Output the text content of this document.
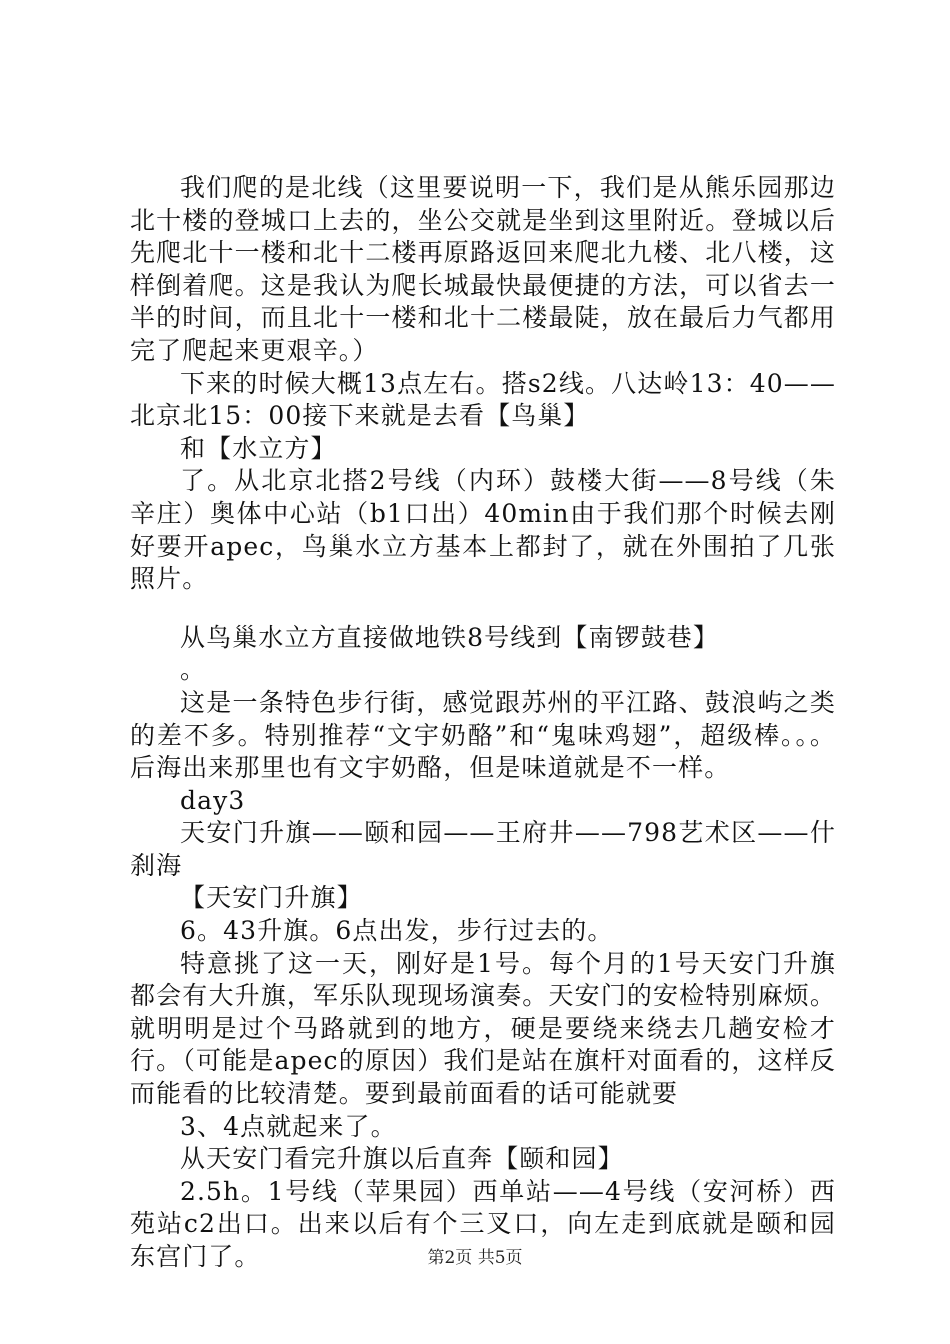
我们爬的是北线（这里要说明一下，我们是从熊乐园那边北十楼的登城口上去的，坐公交就是坐到这里附近。登城以后先爬北十一楼和北十二楼再原路返回来爬北九楼、北八楼，这样倒着爬。这是我认为爬长城最快最便捷的方法，可以省去一半的时间，而且北十一楼和北十二楼最陡，放在最后力气都用完了爬起来更艰辛。）

下来的时候大概13点左右。搭s2线。八达岭13：40——北京北15：00接下来就是去看【鸟巢】

和【水立方】

了。从北京北搭2号线（内环）鼓楼大街——8号线（朱辛庄）奥体中心站（b1口出）40min由于我们那个时候去刚好要开apec，鸟巢水立方基本上都封了，就在外围拍了几张照片。

从鸟巢水立方直接做地铁8号线到【南锣鼓巷】

。

这是一条特色步行街，感觉跟苏州的平江路、鼓浪屿之类的差不多。特别推荐“文宇奶酪”和“鬼味鸡翅”，超级棒。。。后海出来那里也有文宇奶酪，但是味道就是不一样。

day3

天安门升旗——颐和园——王府井——798艺术区——什刹海

【天安门升旗】

6。43升旗。6点出发，步行过去的。

特意挑了这一天，刚好是1号。每个月的1号天安门升旗都会有大升旗，军乐队现现场演奏。天安门的安检特别麻烦。就明明是过个马路就到的地方，硬是要绕来绕去几趟安检才行。（可能是apec的原因）我们是站在旗杆对面看的，这样反而能看的比较清楚。要到最前面看的话可能就要

3、4点就起来了。

从天安门看完升旗以后直奔【颐和园】

2.5h。1号线（苹果园）西单站——4号线（安河桥）西苑站c2出口。出来以后有个三叉口，向左走到底就是颐和园东宫门了。	第2页 共5页
